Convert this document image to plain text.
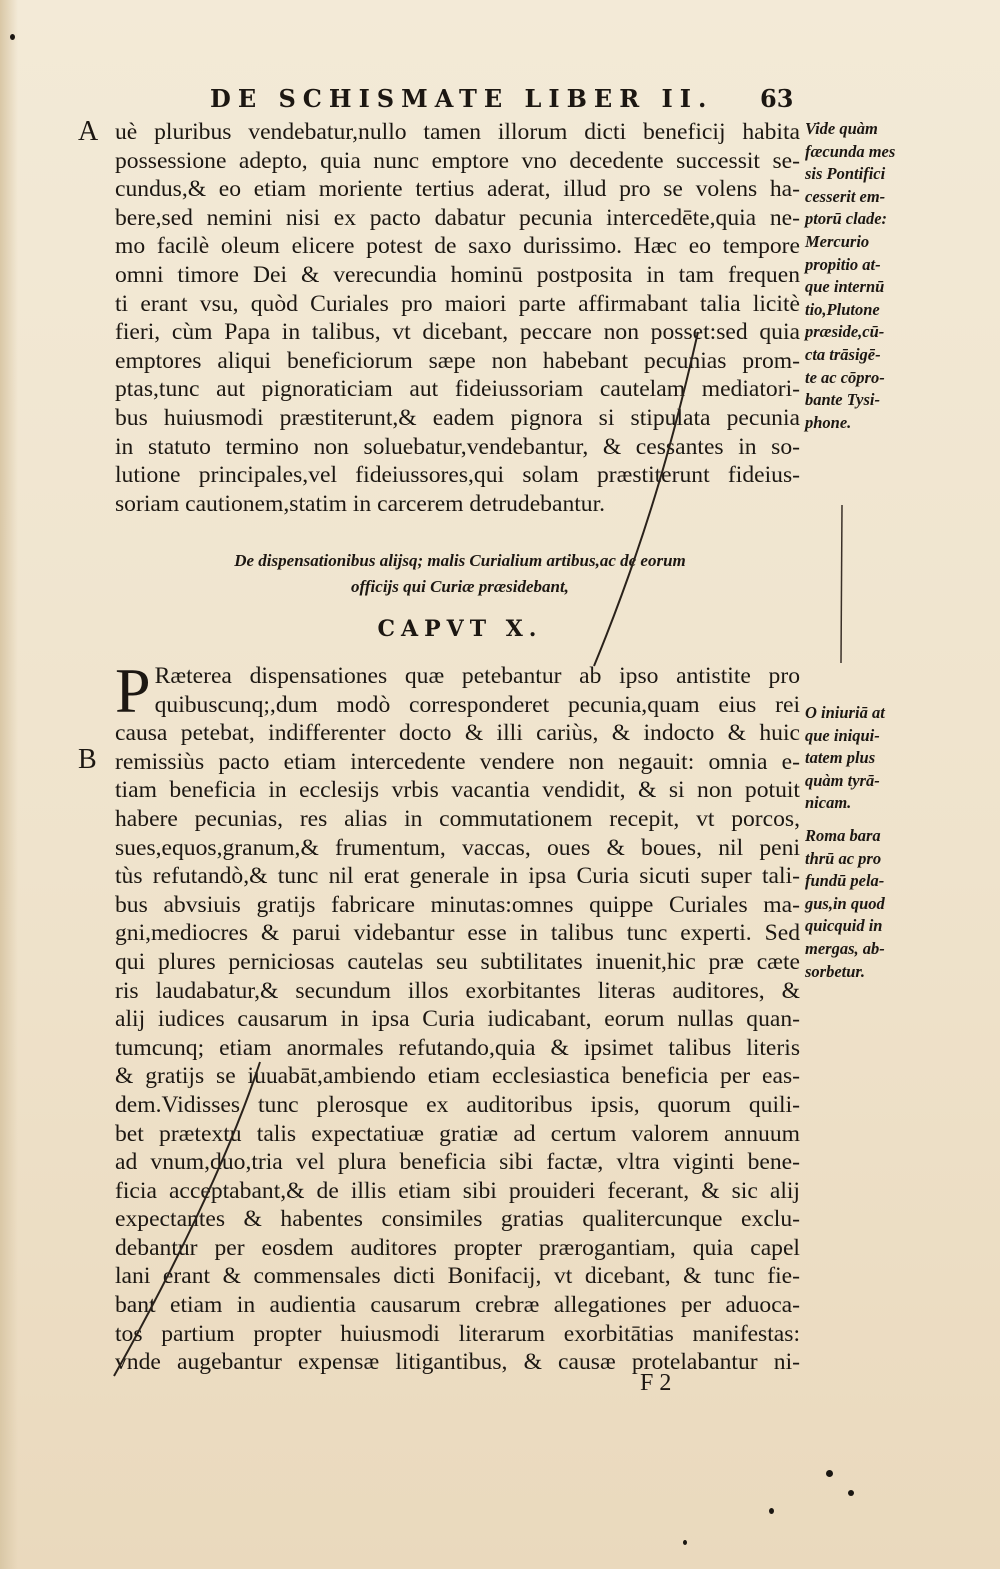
DE SCHISMATE LIBER II.	63
A
B
uè pluribus vendebatur,nullo tamen illorum dicti beneficij habita
possessione adepto, quia nunc emptore vno decedente successit se-
cundus,& eo etiam moriente tertius aderat, illud pro se volens ha-
bere,sed nemini nisi ex pacto dabatur pecunia intercedēte,quia ne-
mo facilè oleum elicere potest de saxo durissimo. Hæc eo tempore
omni timore Dei & verecundia hominū postposita in tam frequen
ti erant vsu, quòd Curiales pro maiori parte affirmabant talia licitè
fieri, cùm Papa in talibus, vt dicebant, peccare non posset:sed quia
emptores aliqui beneficiorum sæpe non habebant pecunias prom-
ptas,tunc aut pignoraticiam aut fideiussoriam cautelam mediatori-
bus huiusmodi præstiterunt,& eadem pignora si stipulata pecunia
in statuto termino non soluebatur,vendebantur, & cessantes in so-
lutione principales,vel fideiussores,qui solam præstiterunt fideius-
soriam cautionem,statim in carcerem detrudebantur.
Vide quàm
fæcunda mes
sis Pontifici
cesserit em-
ptorū clade:
Mercurio
propitio at-
que internū
tio,Plutone
præside,cū-
cta trāsigē-
te ac cōpro-
bante Tysi-
phone.
De dispensationibus alijsq; malis Curialium artibus,ac de eorum
officijs qui Curiæ præsidebant,
CAPVT X.
P Ræterea dispensationes quæ petebantur ab ipso antistite pro
quibuscunq;,dum modò corresponderet pecunia,quam eius rei
causa petebat, indifferenter docto & illi cariùs, & indocto & huic
remissiùs pacto etiam intercedente vendere non negauit: omnia e-
tiam beneficia in ecclesijs vrbis vacantia vendidit, & si non potuit
habere pecunias, res alias in commutationem recepit, vt porcos,
sues,equos,granum,& frumentum, vaccas, oues & boues, nil peni
tùs refutandò,& tunc nil erat generale in ipsa Curia sicuti super tali-
bus abvsiuis gratijs fabricare minutas:omnes quippe Curiales ma-
gni,mediocres & parui videbantur esse in talibus tunc experti. Sed
qui plures perniciosas cautelas seu subtilitates inuenit,hic præ cæte
ris laudabatur,& secundum illos exorbitantes literas auditores, &
alij iudices causarum in ipsa Curia iudicabant, eorum nullas quan-
tumcunq; etiam anormales refutando,quia & ipsimet talibus literis
& gratijs se iuuabāt,ambiendo etiam ecclesiastica beneficia per eas-
dem.Vidisses tunc plerosque ex auditoribus ipsis, quorum quili-
bet prætextu talis expectatiuæ gratiæ ad certum valorem annuum
ad vnum,duo,tria vel plura beneficia sibi factæ, vltra viginti bene-
ficia acceptabant,& de illis etiam sibi prouideri fecerant, & sic alij
expectantes & habentes consimiles gratias qualitercunque exclu-
debantur per eosdem auditores propter prærogantiam, quia capel
lani erant & commensales dicti Bonifacij, vt dicebant, & tunc fie-
bant etiam in audientia causarum crebræ allegationes per aduoca-
tos partium propter huiusmodi literarum exorbitātias manifestas:
vnde augebantur expensæ litigantibus, & causæ protelabantur ni-
O iniuriā at
que iniqui-
tatem plus
quàm tyrā-
nicam.
Roma bara
thrū ac pro
fundū pela-
gus,in quod
quicquid in
mergas, ab-
sorbetur.
F 2
